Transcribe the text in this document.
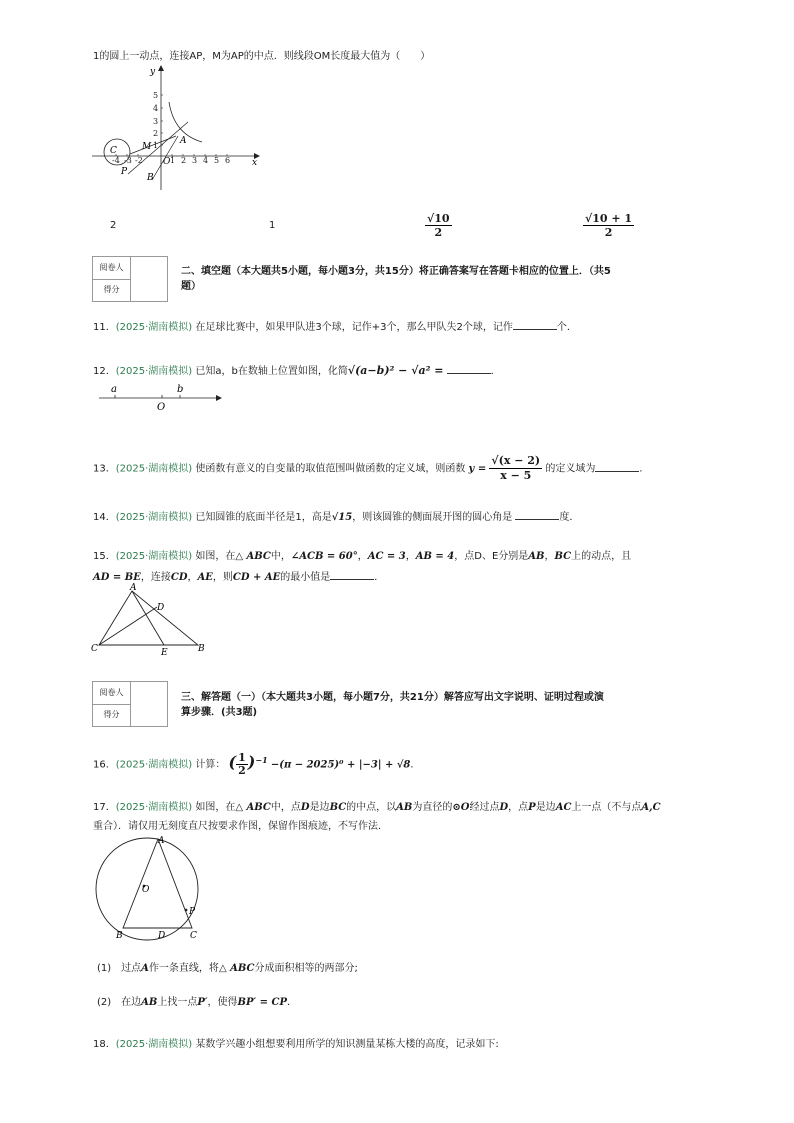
1的圆上一动点，连接AP，M为AP的中点．则线段OM长度最大值为（　　）
-4 -3 -2	1 2 3 4 5 6
1
2
3
4
5
y
x
O
C
P
M
A
B
2	1	$\frac{√10}{2}$	$\frac{√10 + 1}{2}$
阅卷人
得分
二、填空题（本大题共5小题，每小题3分，共15分）将正确答案写在答题卡相应的位置上．（共5
题）
11．(2025·湖南模拟) 在足球比赛中，如果甲队进3个球，记作+3个，那么甲队失2个球，记作	个．
12．(2025·湖南模拟) 已知a，b在数轴上位置如图，化简√(a−b)² − √a² =	．
a	b
O
13．(2025·湖南模拟) 使函数有意义的自变量的取值范围叫做函数的定义域，则函数 $y = \frac{√(x - 2)}{x - 5}$ 的定义域为	．
14．(2025·湖南模拟) 已知圆锥的底面半径是1，高是√15，则该圆锥的侧面展开图的圆心角是	度．
15．(2025·湖南模拟) 如图，在△ ABC中，∠ACB = 60°，AC = 3，AB = 4，点D、E分别是AB，BC上的动点，且
AD = BE，连接CD，AE，则CD + AE的最小值是	．
A
D
C	E	B
阅卷人
得分
三、解答题（一）（本大题共3小题，每小题7分，共21分）解答应写出文字说明、证明过程或演
算步骤．(共3题)
16．(2025·湖南模拟) 计算： ( $\frac{1}{2} )^{-1} -(\pi - 2025)^0 + |-3| + √8$．
17．(2025·湖南模拟) 如图，在△ ABC中，点D是边BC的中点，以AB为直径的⊙O经过点D，点P是边AC上一点（不与点A,C
重合）．请仅用无刻度直尺按要求作图，保留作图痕迹，不写作法．
A
O
P
B	D	C
(1)　过点A作一条直线，将△ ABC分成面积相等的两部分;
(2)　在边AB上找一点P′，使得BP′ = CP．
18．(2025·湖南模拟) 某数学兴趣小组想要利用所学的知识测量某栋大楼的高度，记录如下:
